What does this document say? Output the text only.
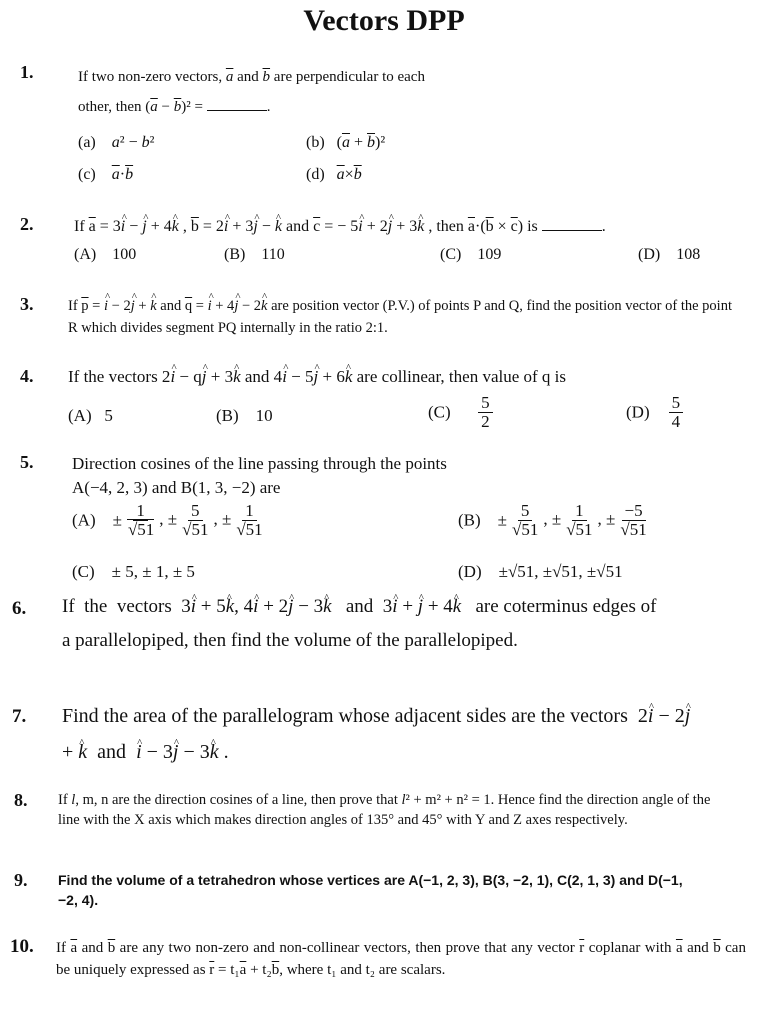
Vectors DPP
1.	If two non-zero vectors, $\overline{a}$ and $\overline{b}$ are perpendicular to each
other, then $(\overline{a} - \overline{b})^2$ =	.
(a)    a² − b²	(b)   $(\overline{a} + \overline{b})^2$
(c)    $\overline{a}\cdot\overline{b}$	(d)   $\overline{a}\times\overline{b}$
2.	If $\overline{a}$ = 3^ i − ^ j + 4^ k , $\overline{b}$ = 2^ i + 3^ j − ^ k and $\overline{c}$ = − 5^ i + 2^ j + 3^ k , then $\overline{a}\cdot(\overline{b} \times \overline{c})$ is	.
(A) 100	(B) 110	(C) 109	(D) 108
3. If $\overline{p}$ = ^ i − 2^ j + ^ k and $\overline{q}$ = ^ i + 4^ j − 2^ k are position vector (P.V.) of points P and Q, find the position vector of the point R which divides segment PQ internally in the ratio 2:1.
4. If the vectors 2^ i − q^ j + 3^ k and 4^ i − 5^ j + 6^ k are collinear, then value of q is
(A) 5	(B) 10	$(C) \frac{5}{2}$	$(D) \frac{5}{4}$
5. Direction cosines of the line passing through the points
A(−4, 2, 3) and B(1, 3, −2) are
(A)    ± $\frac{1}{√51}$ , ± $\frac{5}{√51}$ , ± $\frac{1}{√51}$	(B)    ± $\frac{5}{√51}$ , ± $\frac{1}{√51}$ , ± $\frac{-5}{√51}$
(C) ± 5, ± 1, ± 5	(D) ±√51, ±√51, ±√51
6. If  the  vectors  3^ i + 5^ k, 4^ i + 2^ j − 3^ k   and  3^ i + ^ j + 4^ k   are coterminus edges of a parallelopiped, then find the volume of the parallelopiped.
7. Find the area of the parallelogram whose adjacent sides are the vectors  2^ i − 2^ j + ^ k  and  ^ i − 3^ j − 3^ k .
8. If l, m, n are the direction cosines of a line, then prove that l² + m² + n² = 1. Hence find the direction angle of the line with the X axis which makes direction angles of 135° and 45° with Y and Z axes respectively.
9. Find the volume of a tetrahedron whose vertices are A(−1, 2, 3), B(3, −2, 1), C(2, 1, 3) and D(−1, −2, 4).
10. If $\overline{a}$ and $\overline{b}$ are any two non-zero and non-collinear vectors, then prove that any vector $\overline{r}$ coplanar with $\overline{a}$ and $\overline{b}$ can be uniquely expressed as $\overline{r} = t_1\overline{a} + t_2\overline{b}$, where t₁ and t₂ are scalars.
